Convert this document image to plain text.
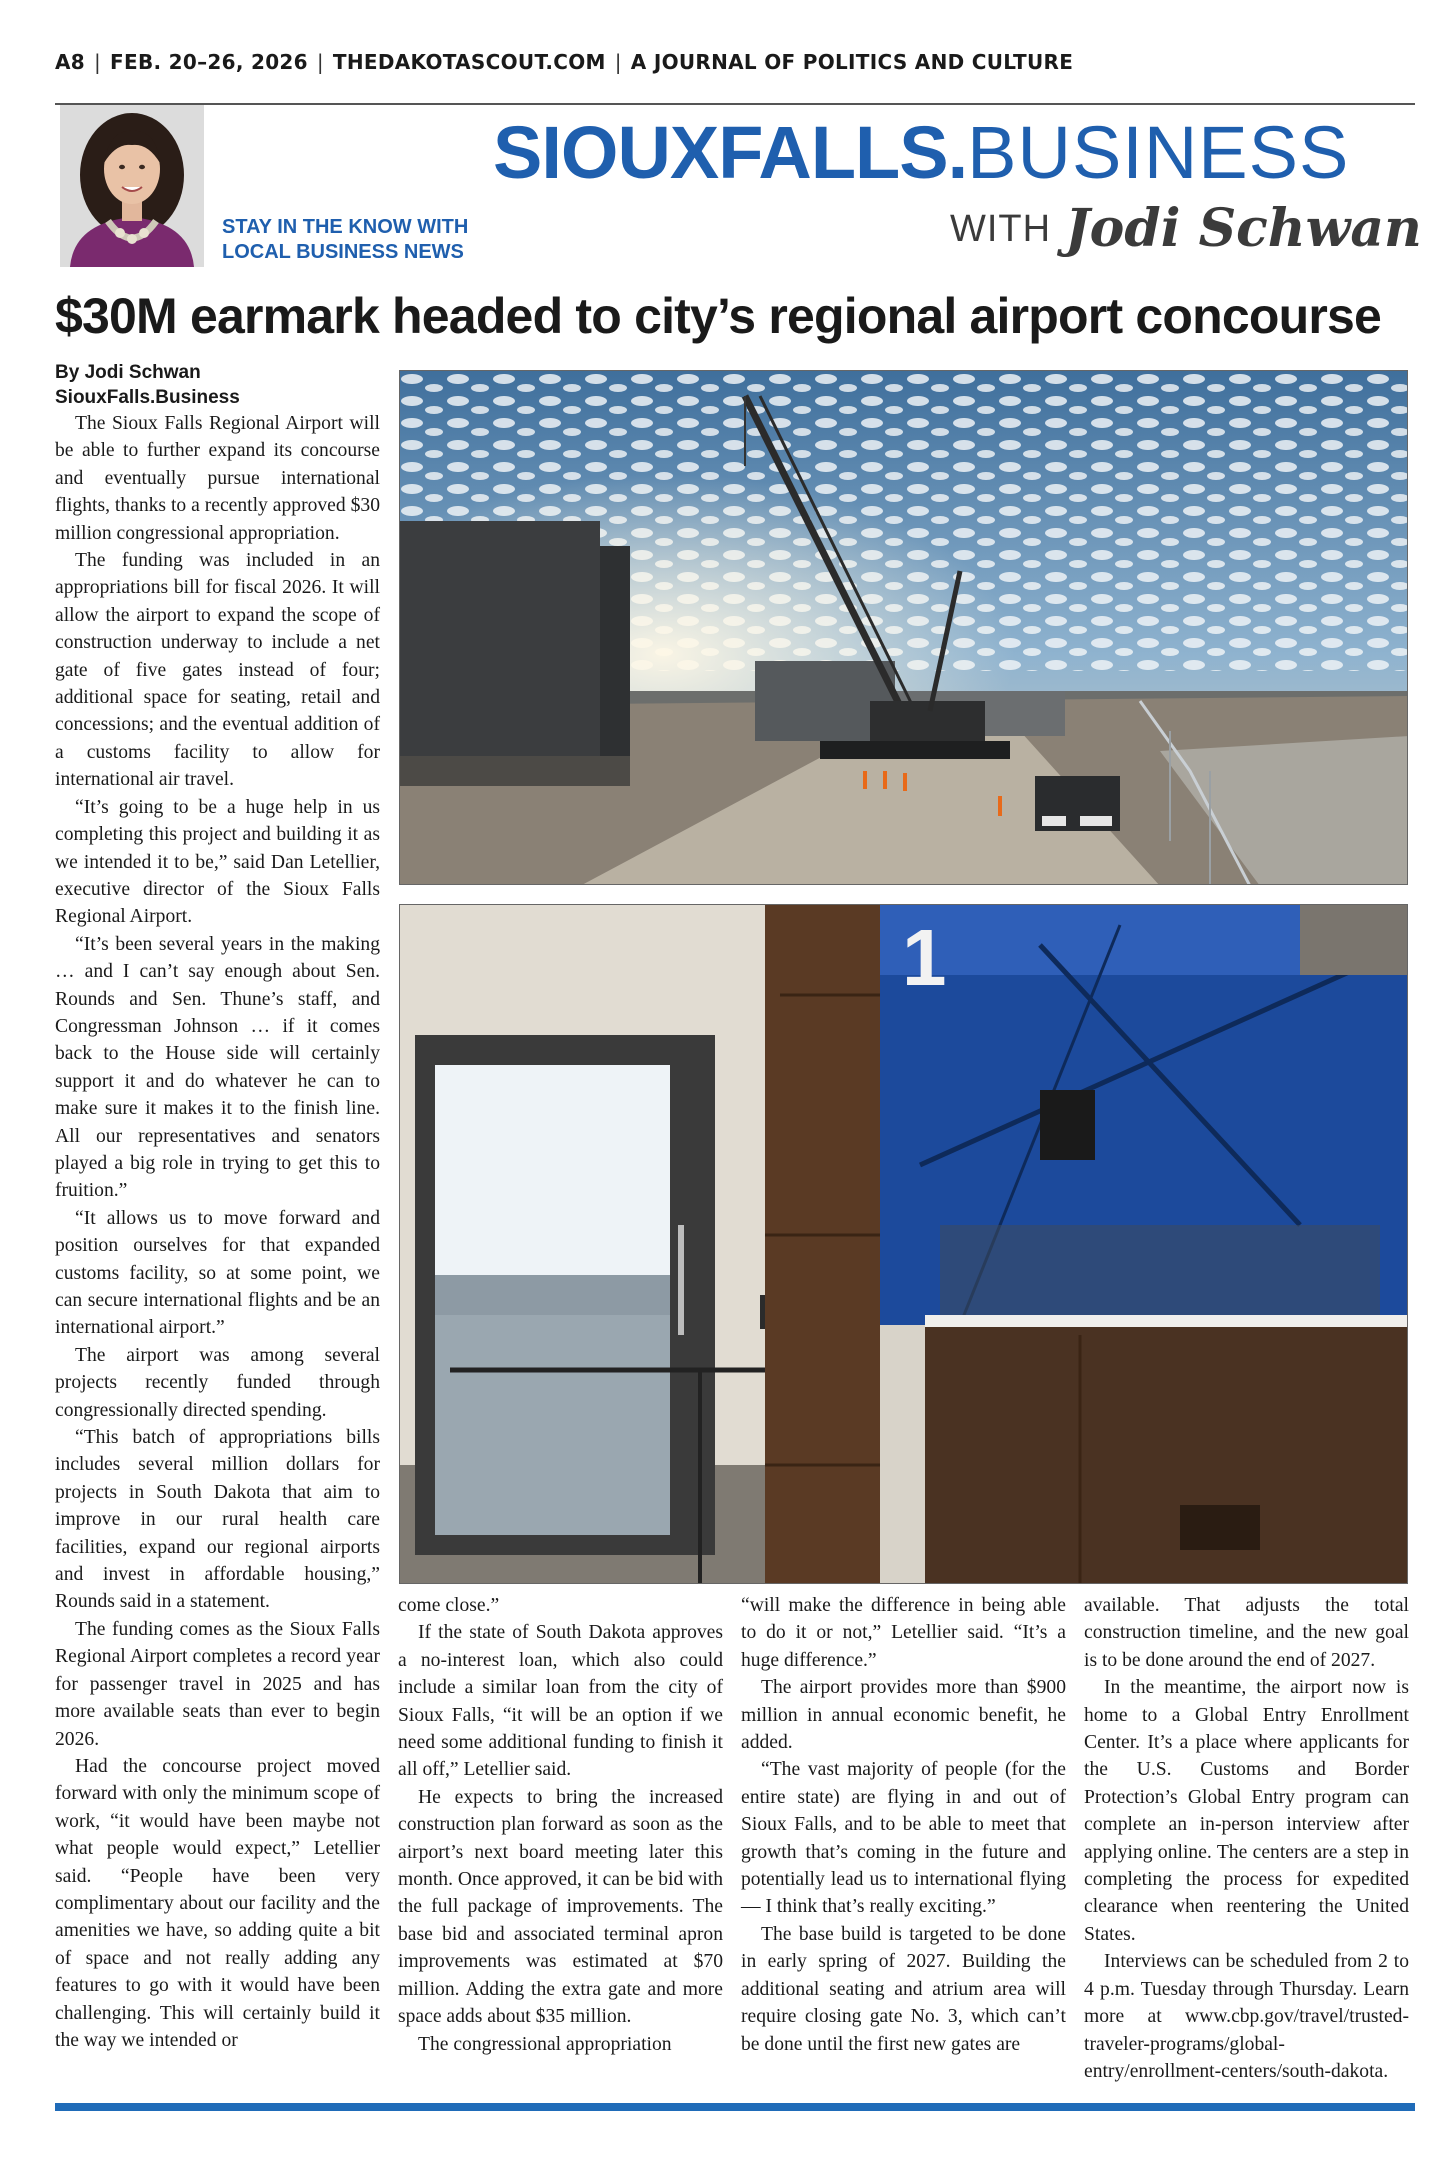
A8 | FEB. 20–26, 2026 | THEDAKOTASCOUT.COM | A JOURNAL OF POLITICS AND CULTURE
STAY IN THE KNOW WITH
LOCAL BUSINESS NEWS
SIOUXFALLS.BUSINESS
WITH Jodi Schwan
$30M earmark headed to city’s regional airport concourse
By Jodi Schwan
SiouxFalls.Business

The Sioux Falls Regional Airport will be able to further expand its concourse and eventually pursue international flights, thanks to a recently approved $30 million congressional appropriation.

The funding was included in an appropriations bill for fiscal 2026. It will allow the airport to expand the scope of construction underway to include a net gate of five gates instead of four; additional space for seating, retail and concessions; and the eventual addition of a customs facility to allow for international air travel.

“It’s going to be a huge help in us completing this project and building it as we intended it to be,” said Dan Letellier, executive director of the Sioux Falls Regional Airport.

“It’s been several years in the making … and I can’t say enough about Sen. Rounds and Sen. Thune’s staff, and Congressman Johnson … if it comes back to the House side will certainly support it and do whatever he can to make sure it makes it to the finish line. All our representatives and senators played a big role in trying to get this to fruition.”

“It allows us to move forward and position ourselves for that expanded customs facility, so at some point, we can secure international flights and be an international airport.”

The airport was among several projects recently funded through congressionally directed spending.

“This batch of appropriations bills includes several million dollars for projects in South Dakota that aim to improve in our rural health care facilities, expand our regional airports and invest in affordable housing,” Rounds said in a statement.

The funding comes as the Sioux Falls Regional Airport completes a record year for passenger travel in 2025 and has more available seats than ever to begin 2026.

Had the concourse project moved forward with only the minimum scope of work, “it would have been maybe not what people would expect,” Letellier said. “People have been very complimentary about our facility and the amenities we have, so adding quite a bit of space and not really adding any features to go with it would have been challenging. This will certainly build it the way we intended or

1

come close.”

If the state of South Dakota approves a no-interest loan, which also could include a similar loan from the city of Sioux Falls, “it will be an option if we need some additional funding to finish it all off,” Letellier said.

He expects to bring the increased construction plan forward as soon as the airport’s next board meeting later this month. Once approved, it can be bid with the full package of improvements. The base bid and associated terminal apron improvements was estimated at $70 million. Adding the extra gate and more space adds about $35 million.

The congressional appropriation

“will make the difference in being able to do it or not,” Letellier said. “It’s a huge difference.”

The airport provides more than $900 million in annual economic benefit, he added.

“The vast majority of people (for the entire state) are flying in and out of Sioux Falls, and to be able to meet that growth that’s coming in the future and potentially lead us to international flying — I think that’s really exciting.”

The base build is targeted to be done in early spring of 2027. Building the additional seating and atrium area will require closing gate No. 3, which can’t be done until the first new gates are

available. That adjusts the total construction timeline, and the new goal is to be done around the end of 2027.

In the meantime, the airport now is home to a Global Entry Enrollment Center. It’s a place where applicants for the U.S. Customs and Border Protection’s Global Entry program can complete an in-person interview after applying online. The centers are a step in completing the process for expedited clearance when reentering the United States.

Interviews can be scheduled from 2 to 4 p.m. Tuesday through Thursday. Learn more at www.cbp.gov/travel/trusted-traveler-programs/global-entry/enrollment-centers/south-dakota.
